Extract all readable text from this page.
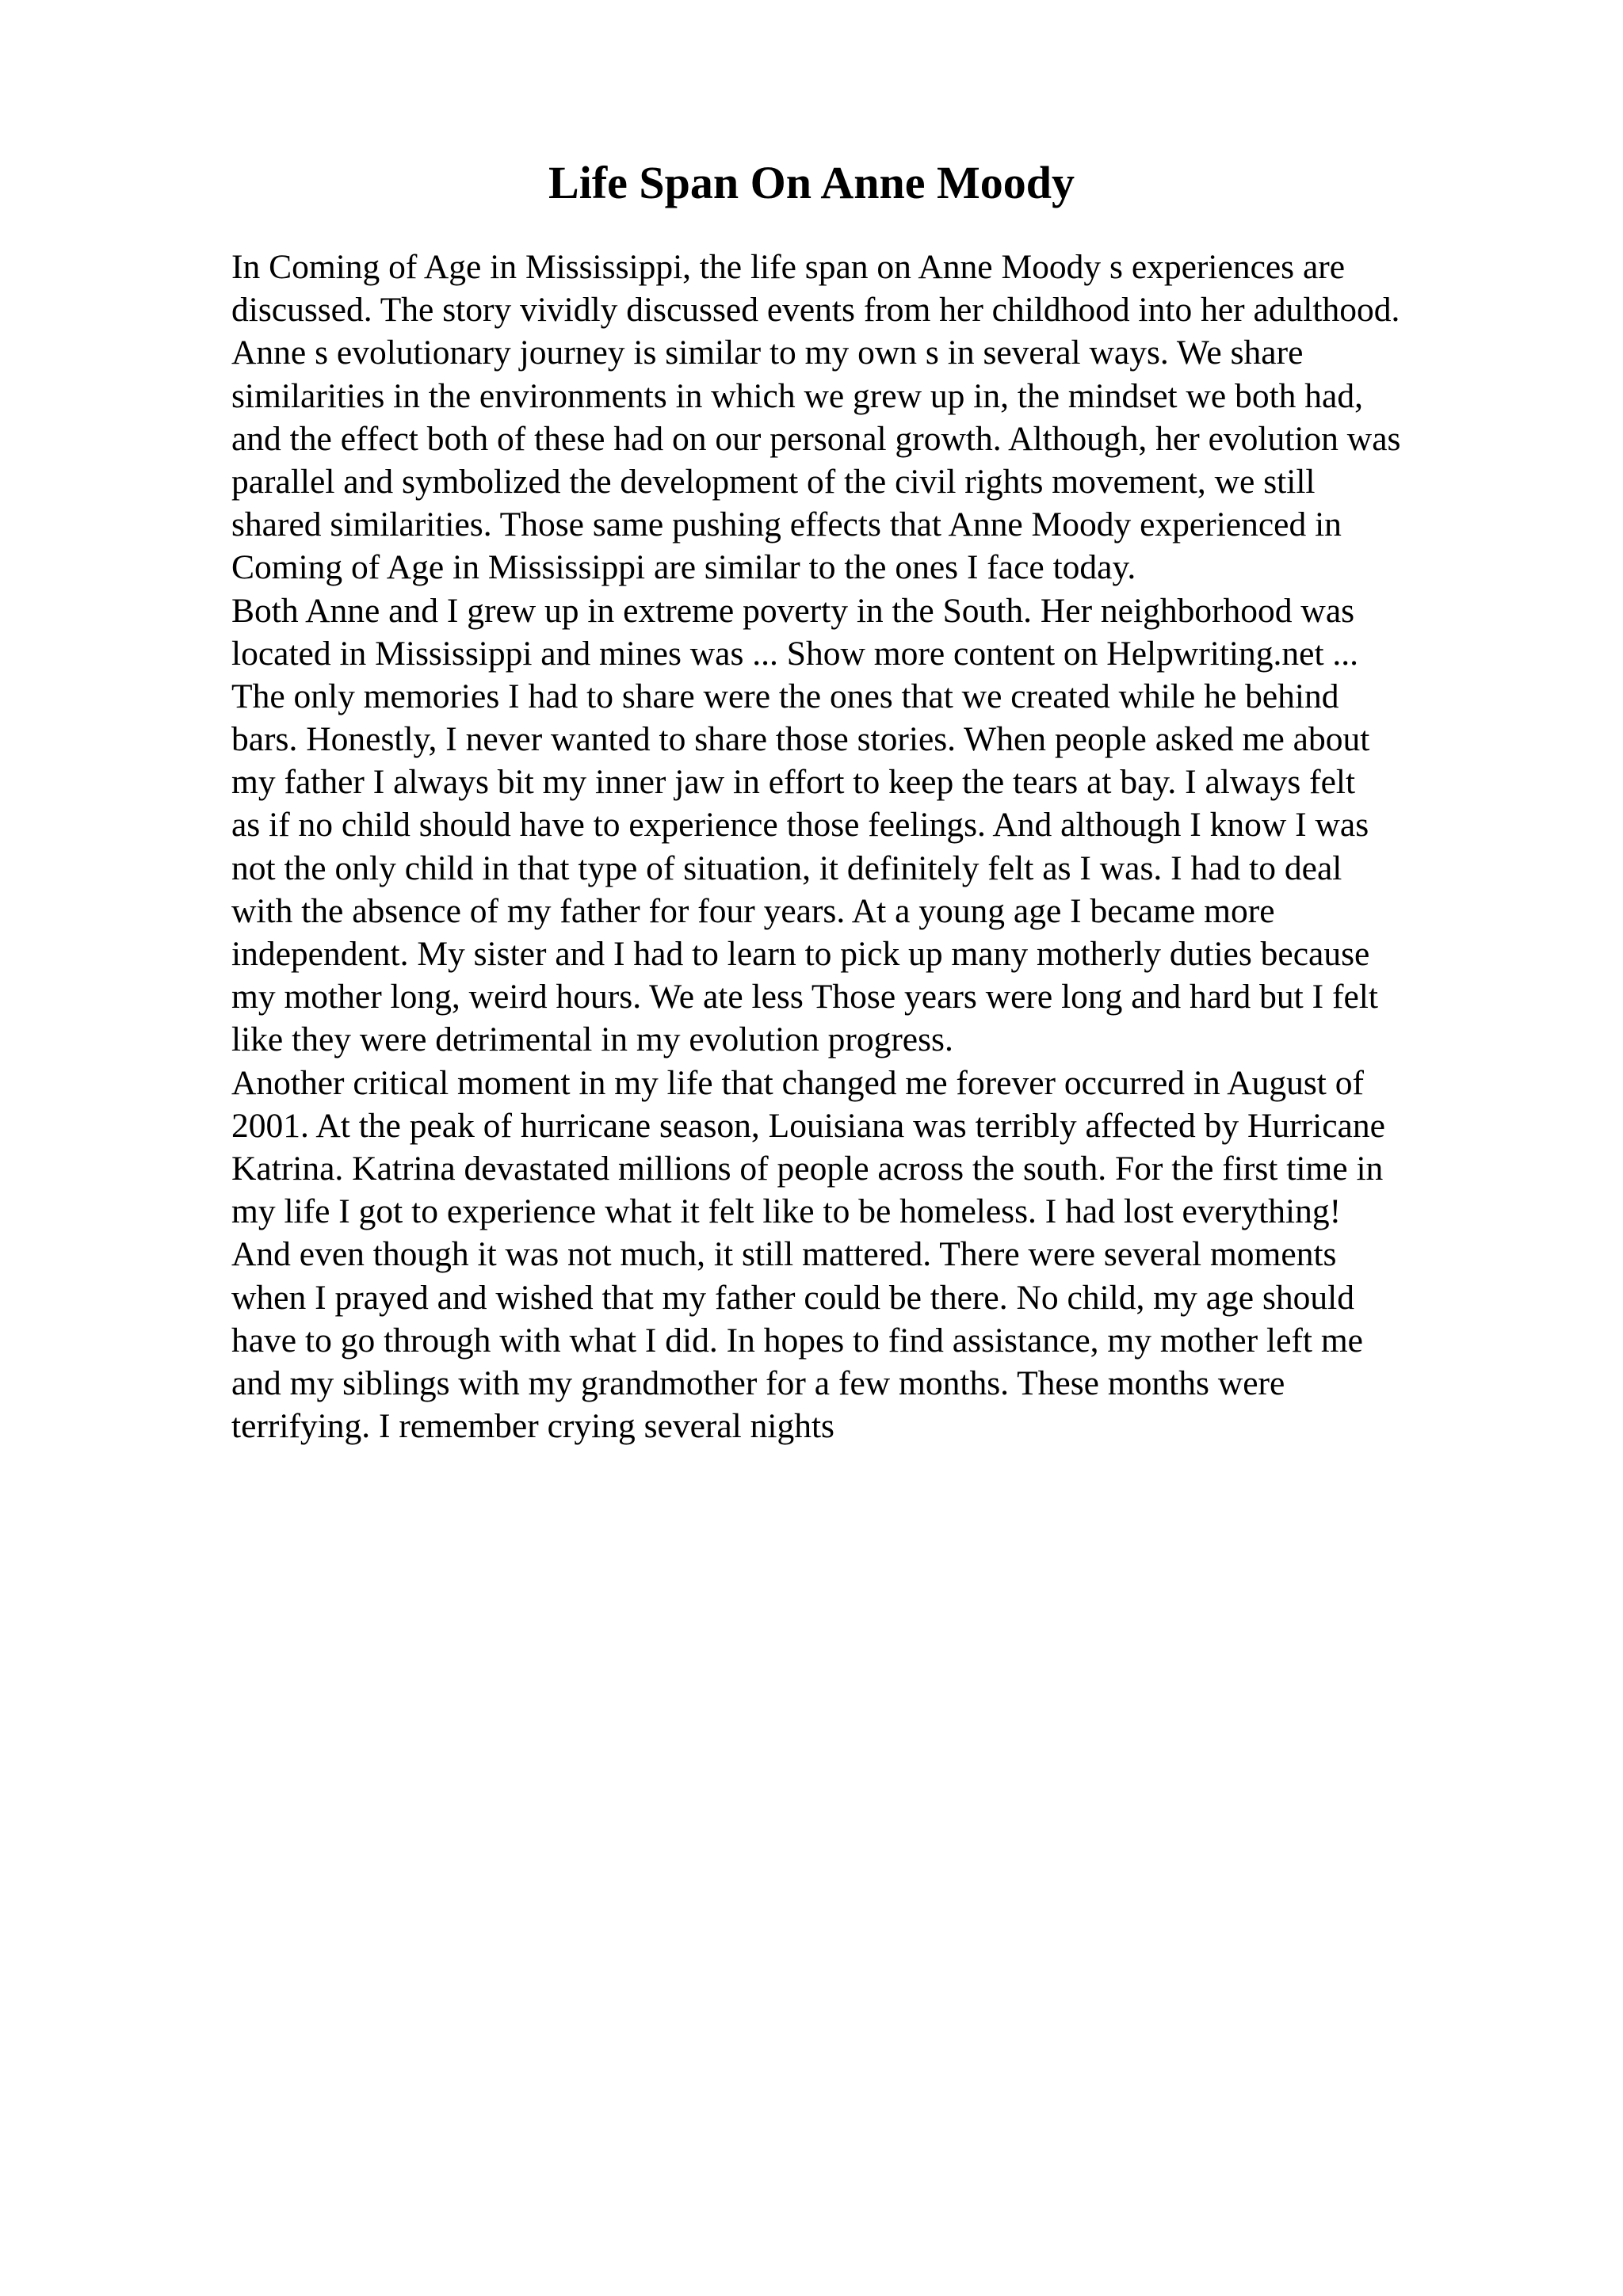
Life Span On Anne Moody
In Coming of Age in Mississippi, the life span on Anne Moody s experiences are
discussed. The story vividly discussed events from her childhood into her adulthood.
Anne s evolutionary journey is similar to my own s in several ways. We share
similarities in the environments in which we grew up in, the mindset we both had,
and the effect both of these had on our personal growth. Although, her evolution was
parallel and symbolized the development of the civil rights movement, we still
shared similarities. Those same pushing effects that Anne Moody experienced in
Coming of Age in Mississippi are similar to the ones I face today.
Both Anne and I grew up in extreme poverty in the South. Her neighborhood was
located in Mississippi and mines was ... Show more content on Helpwriting.net ...
The only memories I had to share were the ones that we created while he behind
bars. Honestly, I never wanted to share those stories. When people asked me about
my father I always bit my inner jaw in effort to keep the tears at bay. I always felt
as if no child should have to experience those feelings. And although I know I was
not the only child in that type of situation, it definitely felt as I was. I had to deal
with the absence of my father for four years. At a young age I became more
independent. My sister and I had to learn to pick up many motherly duties because
my mother long, weird hours. We ate less Those years were long and hard but I felt
like they were detrimental in my evolution progress.
Another critical moment in my life that changed me forever occurred in August of
2001. At the peak of hurricane season, Louisiana was terribly affected by Hurricane
Katrina. Katrina devastated millions of people across the south. For the first time in
my life I got to experience what it felt like to be homeless. I had lost everything!
And even though it was not much, it still mattered. There were several moments
when I prayed and wished that my father could be there. No child, my age should
have to go through with what I did. In hopes to find assistance, my mother left me
and my siblings with my grandmother for a few months. These months were
terrifying. I remember crying several nights
